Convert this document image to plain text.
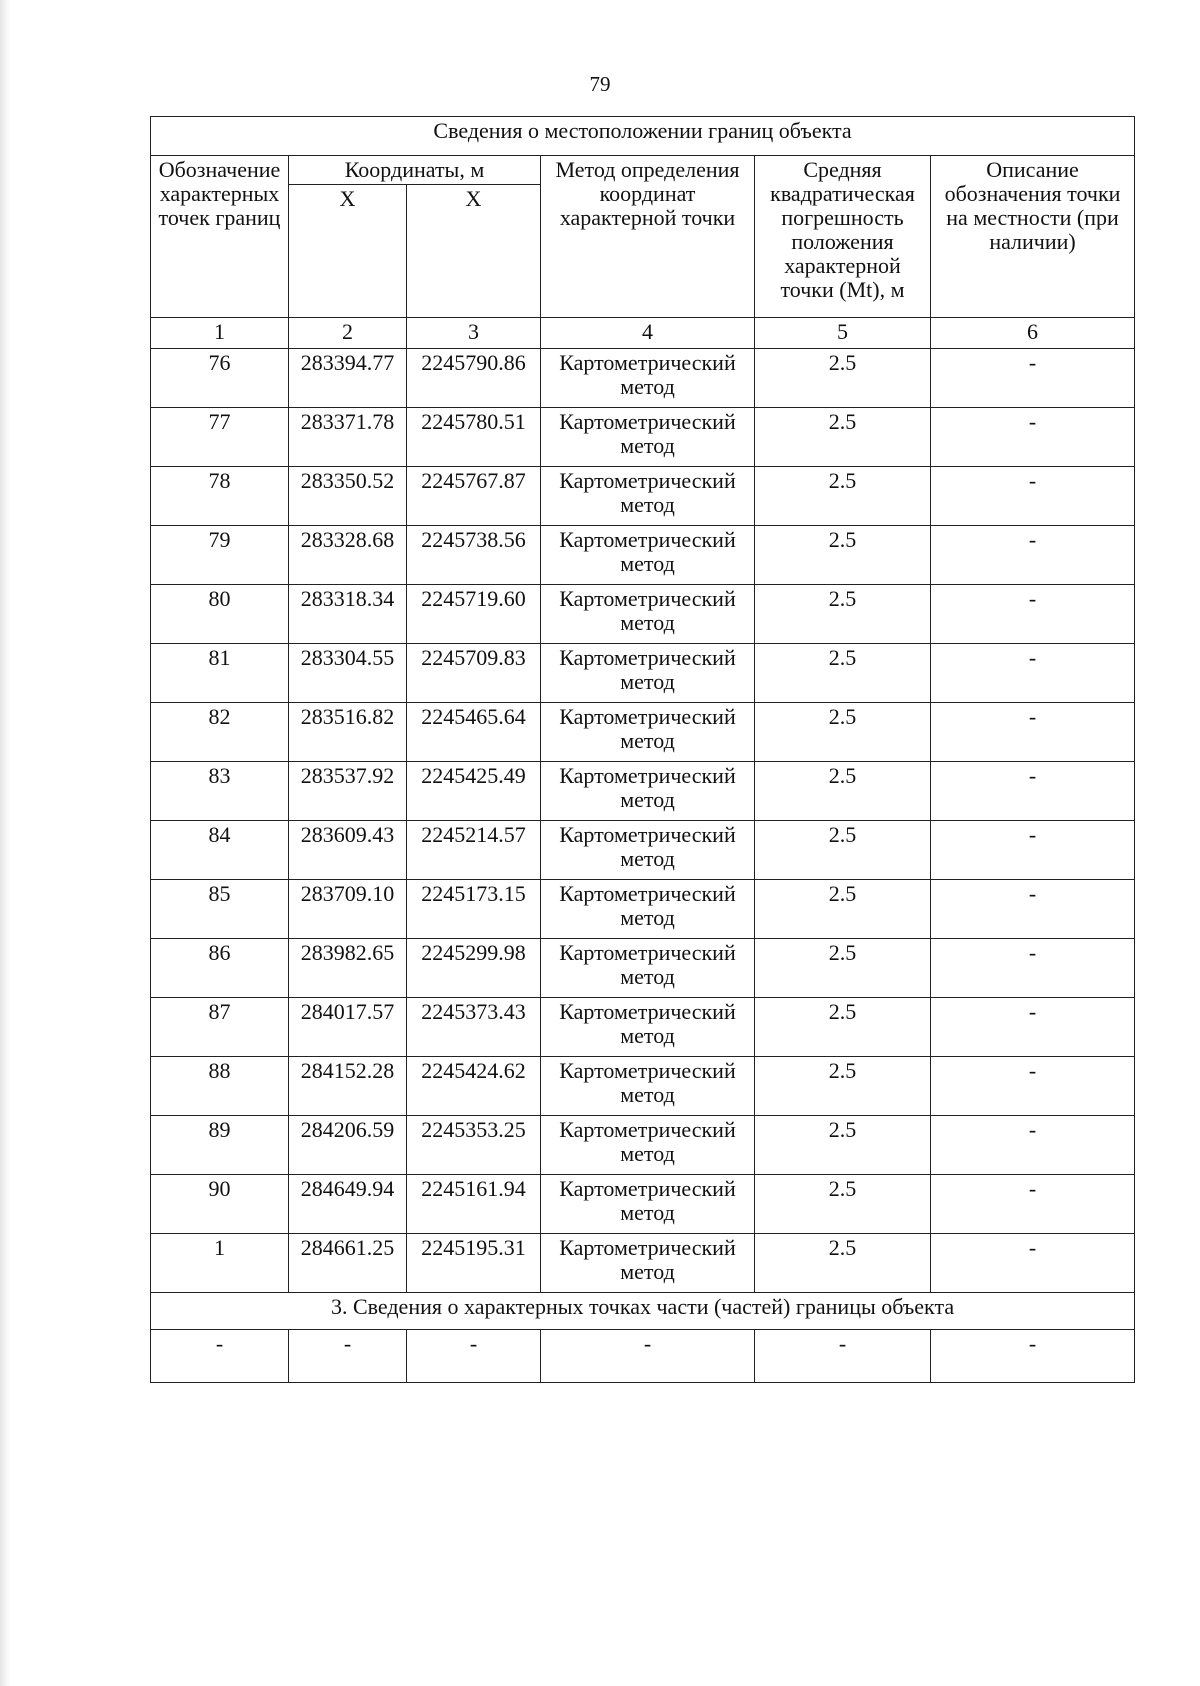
79
Сведения о местоположении границ объекта					
Обозначение характерных точек границ	Координаты, м		Метод определения координат характерной точки	Средняя квадратическая погрешность положения характерной точки (Mt), м	Описание обозначения точки на местности (при наличии)
	X	X			
1	2	3	4	5	6
76	283394.77	2245790.86	Картометрический метод	2.5	-
77	283371.78	2245780.51	Картометрический метод	2.5	-
78	283350.52	2245767.87	Картометрический метод	2.5	-
79	283328.68	2245738.56	Картометрический метод	2.5	-
80	283318.34	2245719.60	Картометрический метод	2.5	-
81	283304.55	2245709.83	Картометрический метод	2.5	-
82	283516.82	2245465.64	Картометрический метод	2.5	-
83	283537.92	2245425.49	Картометрический метод	2.5	-
84	283609.43	2245214.57	Картометрический метод	2.5	-
85	283709.10	2245173.15	Картометрический метод	2.5	-
86	283982.65	2245299.98	Картометрический метод	2.5	-
87	284017.57	2245373.43	Картометрический метод	2.5	-
88	284152.28	2245424.62	Картометрический метод	2.5	-
89	284206.59	2245353.25	Картометрический метод	2.5	-
90	284649.94	2245161.94	Картометрический метод	2.5	-
1	284661.25	2245195.31	Картометрический метод	2.5	-
3. Сведения о характерных точках части (частей) границы объекта					
-	-	-	-	-	-
